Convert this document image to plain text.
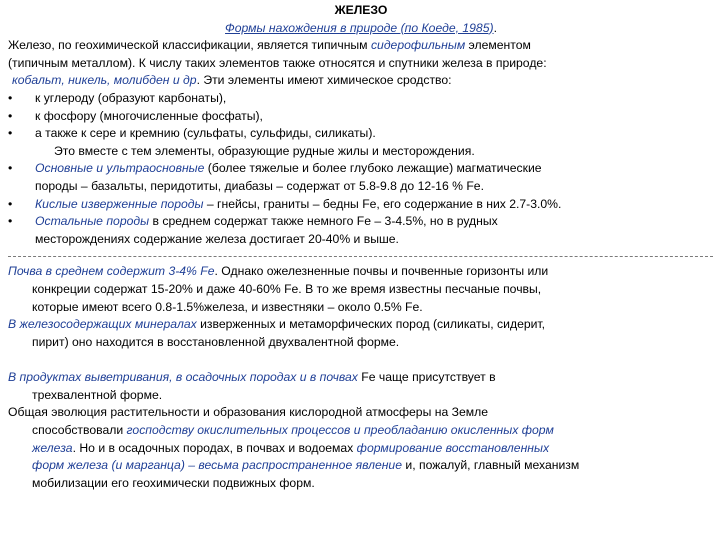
ЖЕЛЕЗО
Формы нахождения в природе (по Коеде, 1985).
Железо, по геохимической классификации, является типичным сидерофильным элементом
(типичным металлом). К числу таких элементов также относятся и спутники железа в природе:
кобальт, никель, молибден и др. Эти элементы имеют химическое сродство:
•	к углероду (образуют карбонаты),
•	к фосфору (многочисленные фосфаты),
•	а также к сере и кремнию (сульфаты, сульфиды, силикаты).
Это вместе с тем элементы, образующие рудные жилы и месторождения.
•	Основные и ультраосновные (более тяжелые и более глубоко лежащие) магматические
породы – базальты, перидотиты, диабазы – содержат от 5.8-9.8 до 12-16 % Fe.
•	Кислые изверженные породы – гнейсы, граниты – бедны Fe, его содержание в них 2.7-3.0%.
•	Остальные породы в среднем содержат также немного Fe – 3-4.5%, но в рудных
месторождениях содержание железа достигает 20-40% и выше.
Почва в среднем содержит 3-4% Fe. Однако ожелезненные почвы и почвенные горизонты или
конкреции содержат 15-20% и даже 40-60% Fe. В то же время известны песчаные почвы,
которые имеют всего 0.8-1.5%железа, и известняки – около 0.5% Fe.
В железосодержащих минералах изверженных и метаморфических пород (силикаты, сидерит,
пирит) оно находится в восстановленной двухвалентной форме.
В продуктах выветривания, в осадочных породах и в почвах Fe чаще присутствует в
трехвалентной форме.
Общая эволюция растительности и образования кислородной атмосферы на Земле
способствовали господству окислительных процессов и преобладанию окисленных форм
железа. Но и в осадочных породах, в почвах и водоемах формирование восстановленных
форм железа (и марганца) – весьма распространенное явление и, пожалуй, главный механизм
мобилизации его геохимически подвижных форм.
